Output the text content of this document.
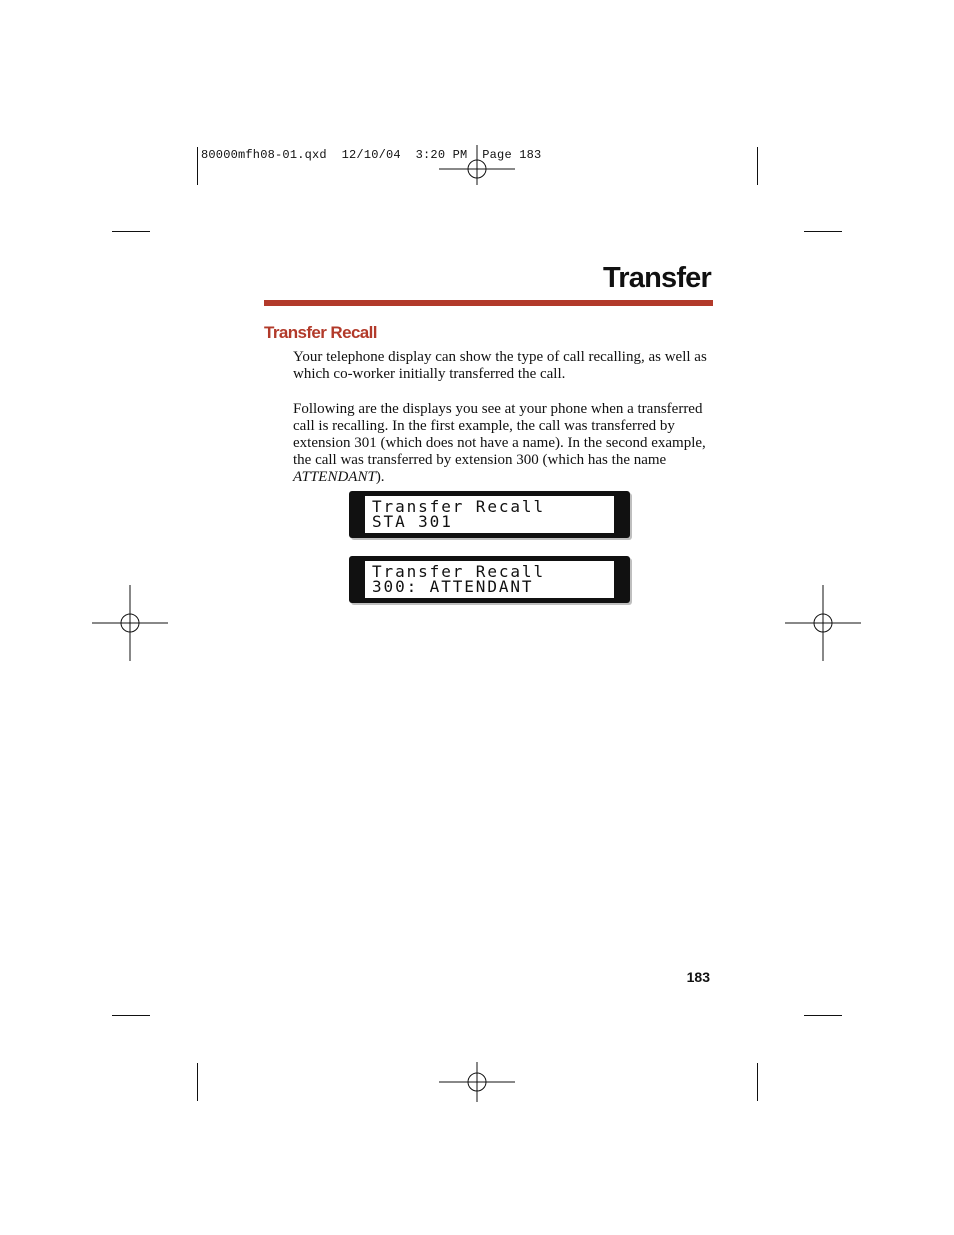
80000mfh08-01.qxd  12/10/04  3:20 PM  Page 183
Transfer
Transfer Recall
Your telephone display can show the type of call recalling, as well as which co-worker initially transferred the call.
Following are the displays you see at your phone when a transferred call is recalling. In the first example, the call was transferred by extension 301 (which does not have a name). In the second example, the call was transferred by extension 300 (which has the name ATTENDANT).
Transfer Recall
STA 301
Transfer Recall
300: ATTENDANT
183
